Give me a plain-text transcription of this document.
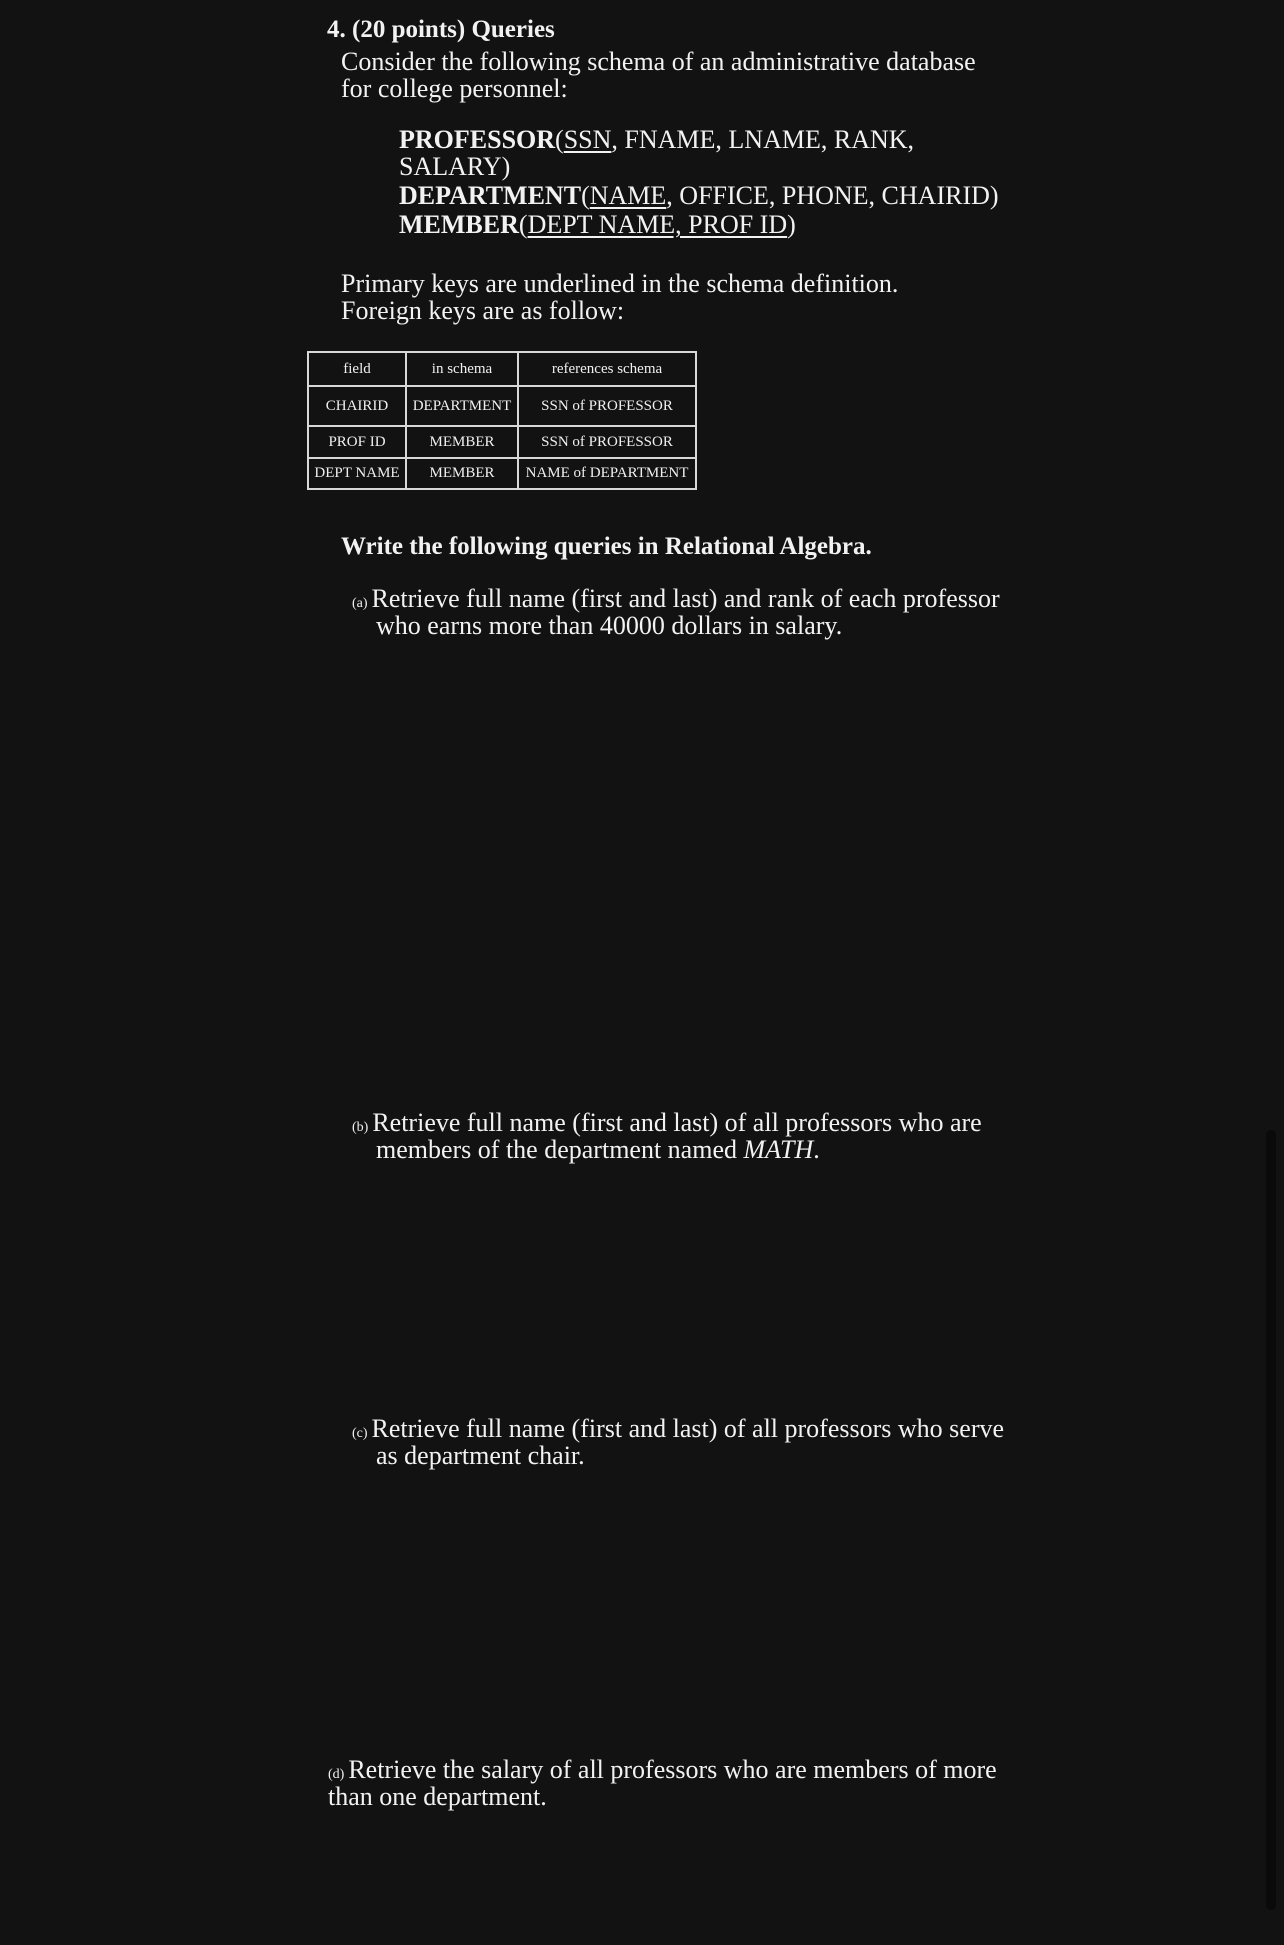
4. (20 points) Queries
Consider the following schema of an administrative database for college personnel:
PROFESSOR(SSN, FNAME, LNAME, RANK,
SALARY)
DEPARTMENT(NAME, OFFICE, PHONE, CHAIRID)
MEMBER(DEPT NAME, PROF ID)
Primary keys are underlined in the schema definition. Foreign keys are as follow:
field	in schema	references schema
CHAIRID	DEPARTMENT	SSN of PROFESSOR
PROF ID	MEMBER	SSN of PROFESSOR
DEPT NAME	MEMBER	NAME of DEPARTMENT
Write the following queries in Relational Algebra.
(a) Retrieve full name (first and last) and rank of each professor
who earns more than 40000 dollars in salary.
(b) Retrieve full name (first and last) of all professors who are
members of the department named MATH.
(c) Retrieve full name (first and last) of all professors who serve
as department chair.
(d) Retrieve the salary of all professors who are members of more
than one department.
